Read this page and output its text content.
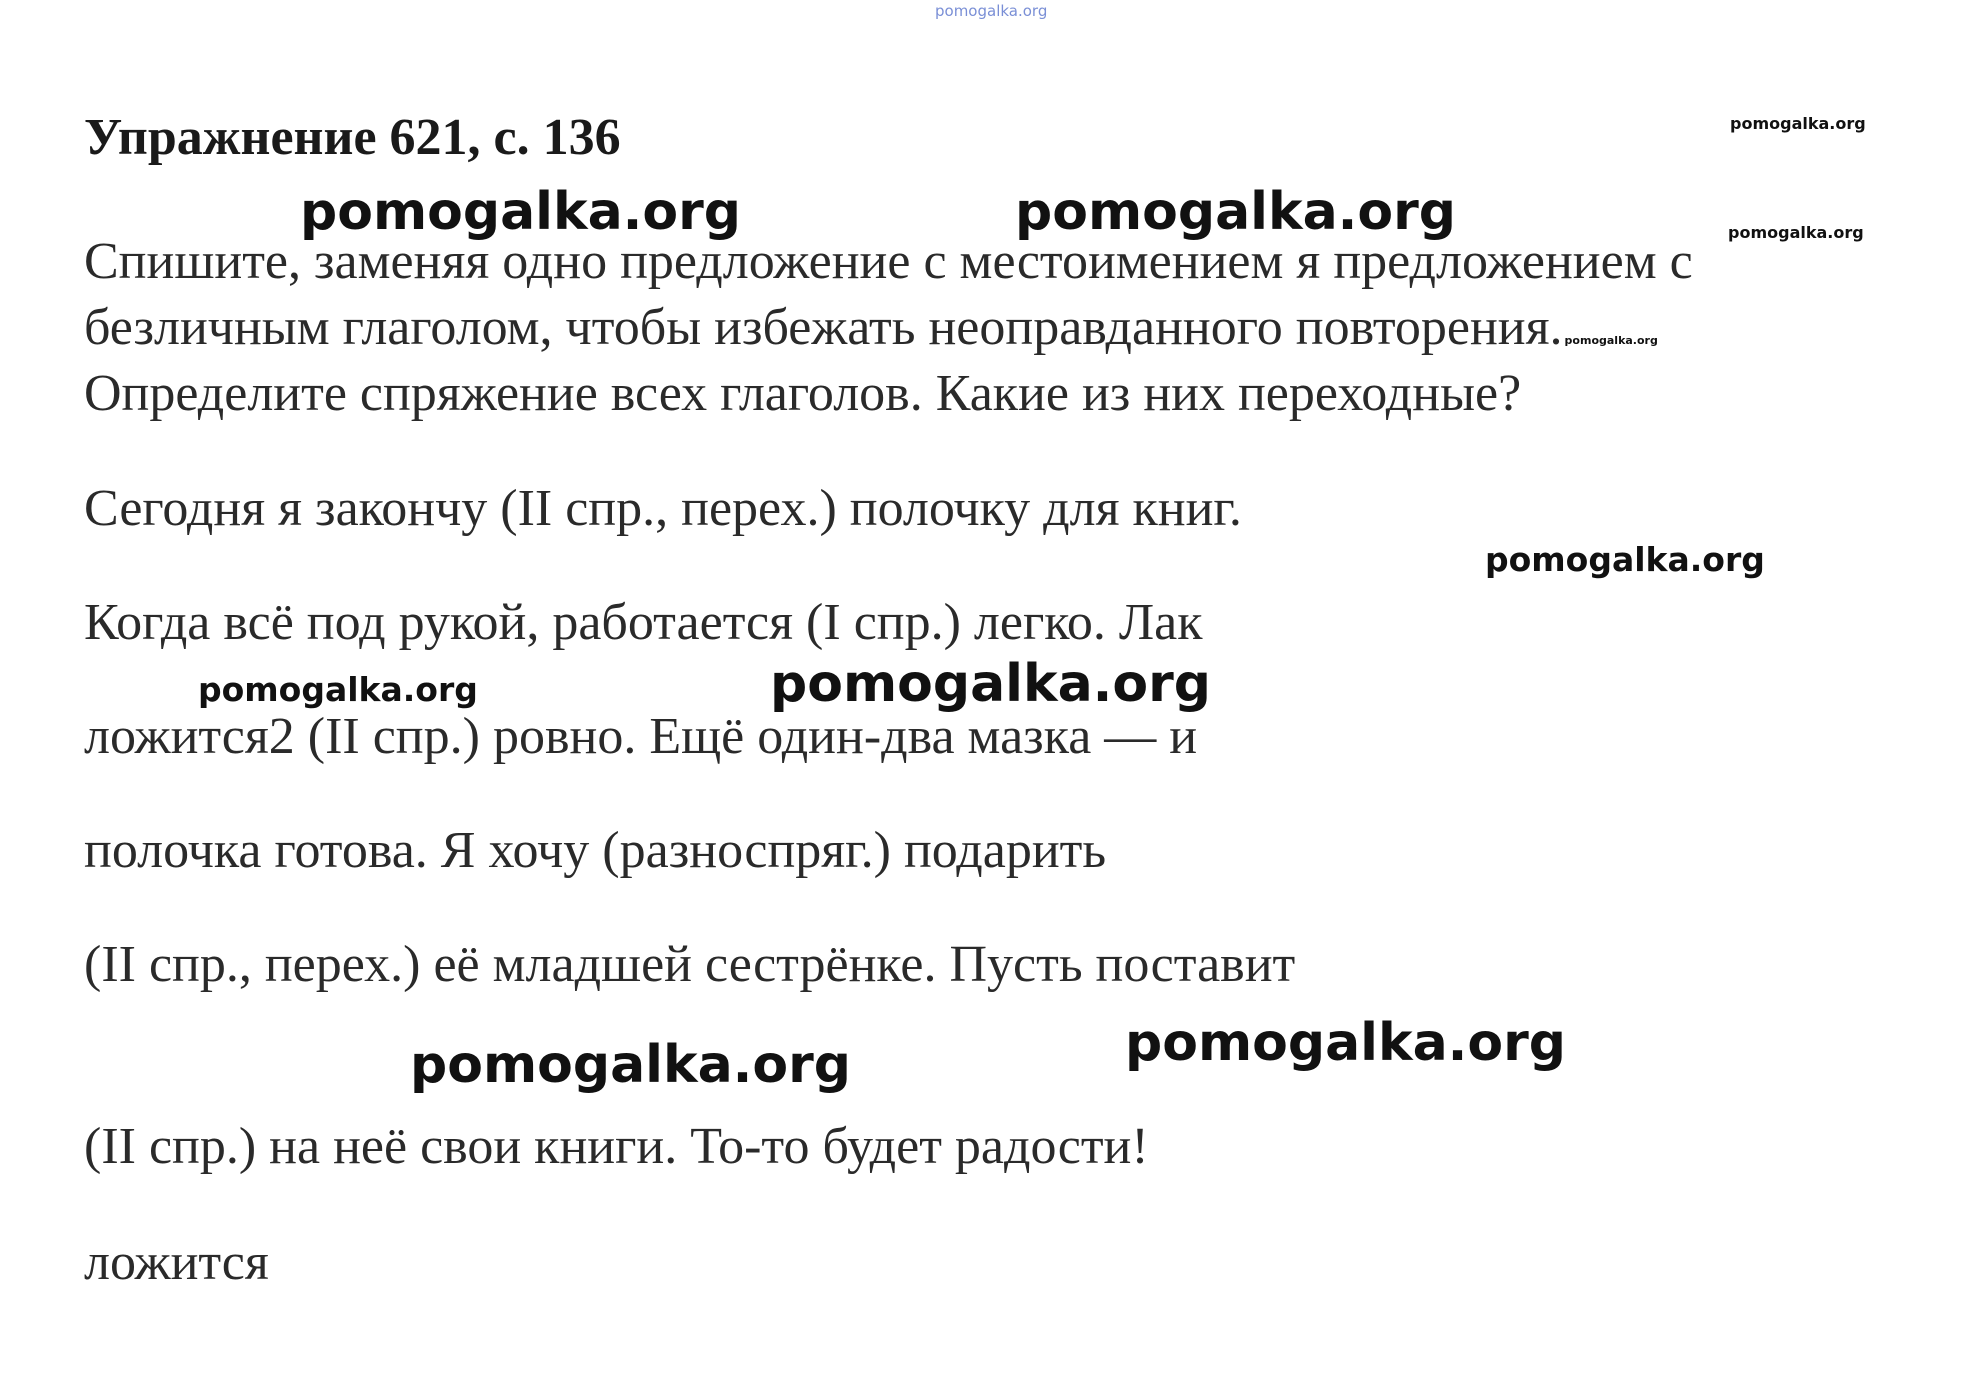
pomogalka.org
Упражнение 621, с. 136	pomogalka.org
pomogalka.org
pomogalka.org	pomogalka.org
Спишите, заменяя одно предложение с местоимением я предложением с
безличным глаголом, чтобы избежать неоправданного повторения. pomogalka.org
Определите спряжение всех глаголов. Какие из них переходные?
Сегодня я закончу (II спр., перех.) полочку для книг.
pomogalka.org
Когда всё под рукой, работается (I спр.) легко. Лак
pomogalka.org	pomogalka.org
ложится2 (II спр.) ровно. Ещё один-два мазка — и
полочка готова. Я хочу (разноспряг.) подарить
(II спр., перех.) её младшей сестрёнке. Пусть поставит
pomogalka.org
pomogalka.org
(II спр.) на неё свои книги. То-то будет радости!
ложится
